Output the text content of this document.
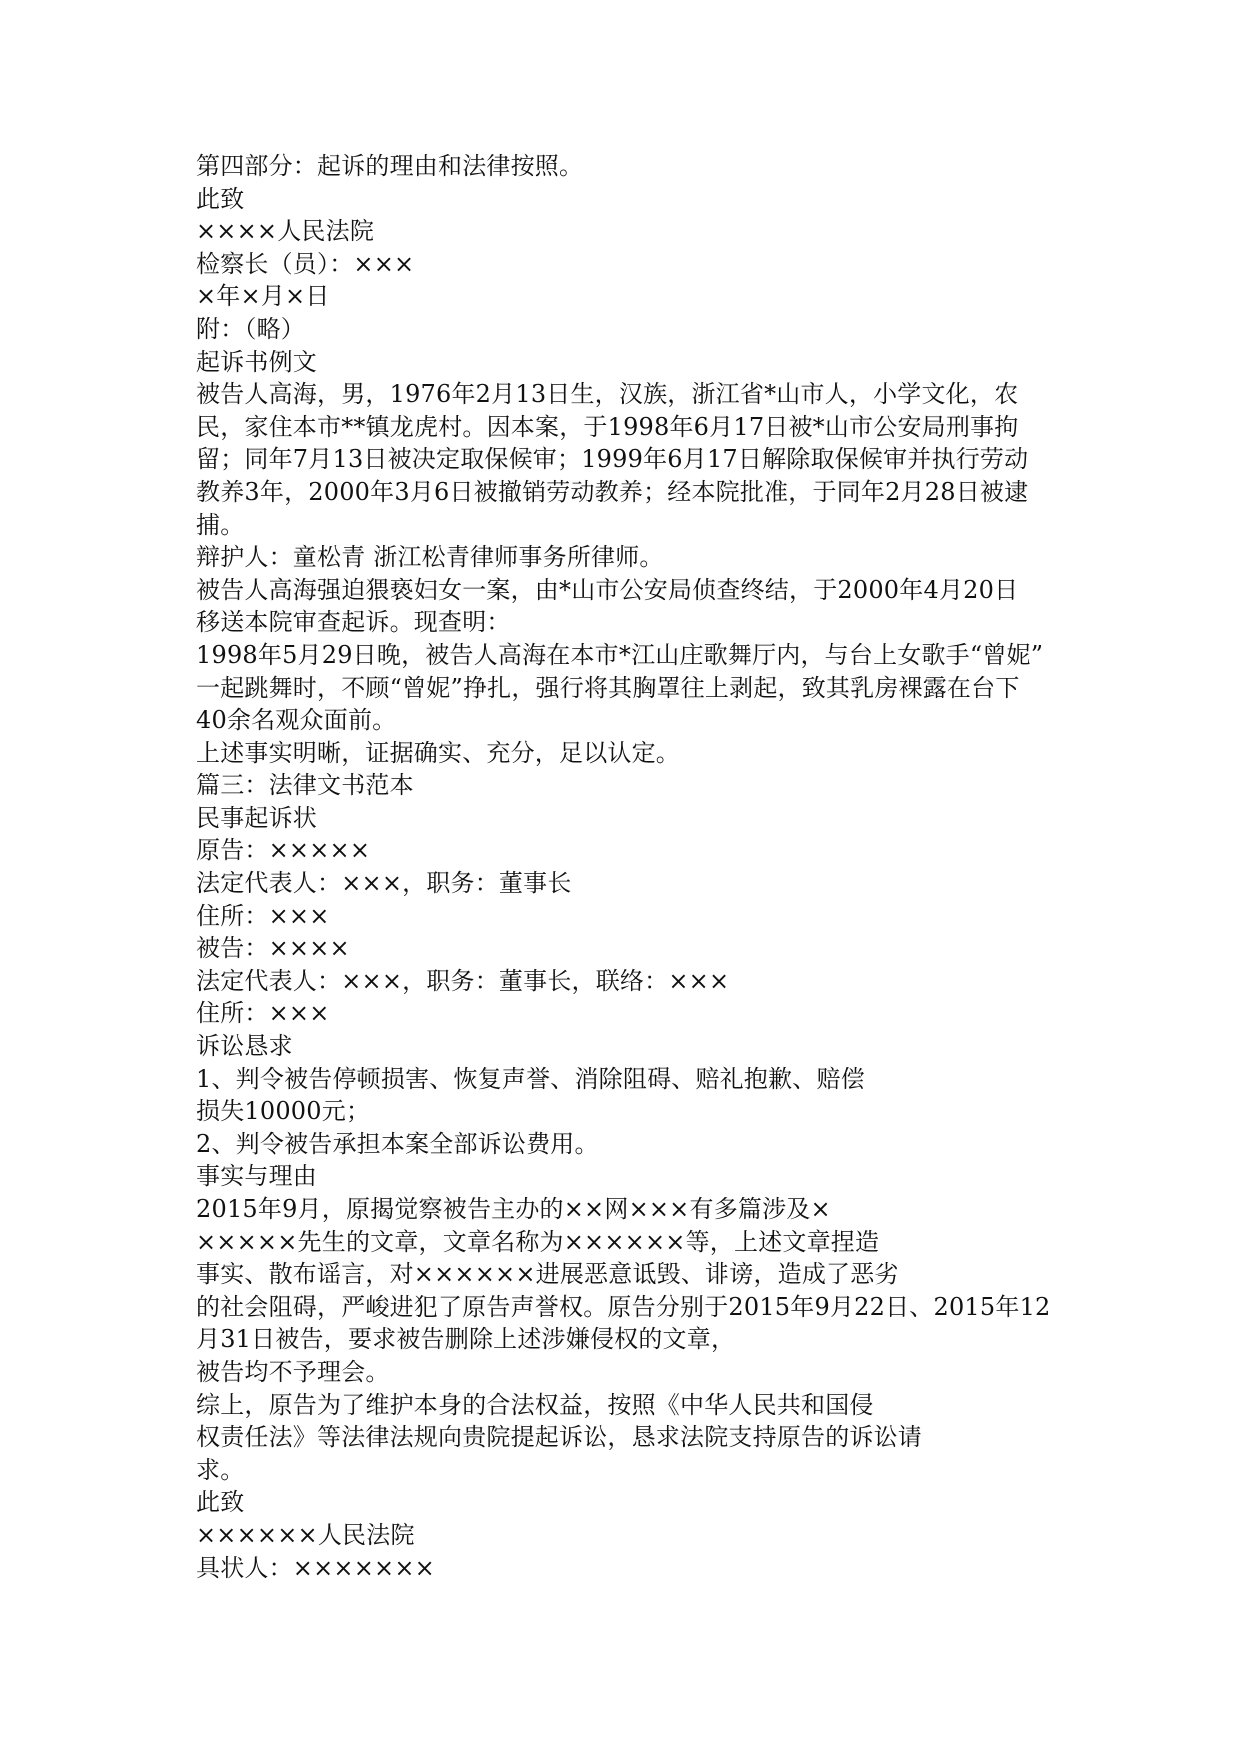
第四部分：起诉的理由和法律按照。
此致
××××人民法院
检察长（员）：×××
×年×月×日
附：（略）
起诉书例文
被告人高海，男，1976年2月13日生，汉族，浙江省*山市人，小学文化，农
民，家住本市**镇龙虎村。因本案，于1998年6月17日被*山市公安局刑事拘
留；同年7月13日被决定取保候审；1999年6月17日解除取保候审并执行劳动
教养3年，2000年3月6日被撤销劳动教养；经本院批准，于同年2月28日被逮
捕。
辩护人：童松青 浙江松青律师事务所律师。
被告人高海强迫猥亵妇女一案，由*山市公安局侦查终结，于2000年4月20日
移送本院审查起诉。现查明：
1998年5月29日晚，被告人高海在本市*江山庄歌舞厅内，与台上女歌手“曾妮”
一起跳舞时，不顾“曾妮”挣扎，强行将其胸罩往上剥起，致其乳房裸露在台下
40余名观众面前。
上述事实明晰，证据确实、充分，足以认定。
篇三：法律文书范本
民事起诉状
原告：×××××
法定代表人：×××，职务：董事长
住所：×××
被告：××××
法定代表人：×××，职务：董事长，联络：×××
住所：×××
诉讼恳求
1、判令被告停顿损害、恢复声誉、消除阻碍、赔礼抱歉、赔偿
损失10000元；
2、判令被告承担本案全部诉讼费用。
事实与理由
2015年9月，原揭觉察被告主办的××网×××有多篇涉及×
×××××先生的文章，文章名称为××××××等，上述文章捏造
事实、散布谣言，对××××××进展恶意诋毁、诽谤，造成了恶劣
的社会阻碍，严峻进犯了原告声誉权。原告分别于2015年9月22日、2015年12
月31日被告，要求被告删除上述涉嫌侵权的文章，
被告均不予理会。
综上，原告为了维护本身的合法权益，按照《中华人民共和国侵
权责任法》等法律法规向贵院提起诉讼，恳求法院支持原告的诉讼请
求。
此致
××××××人民法院
具状人：×××××××
